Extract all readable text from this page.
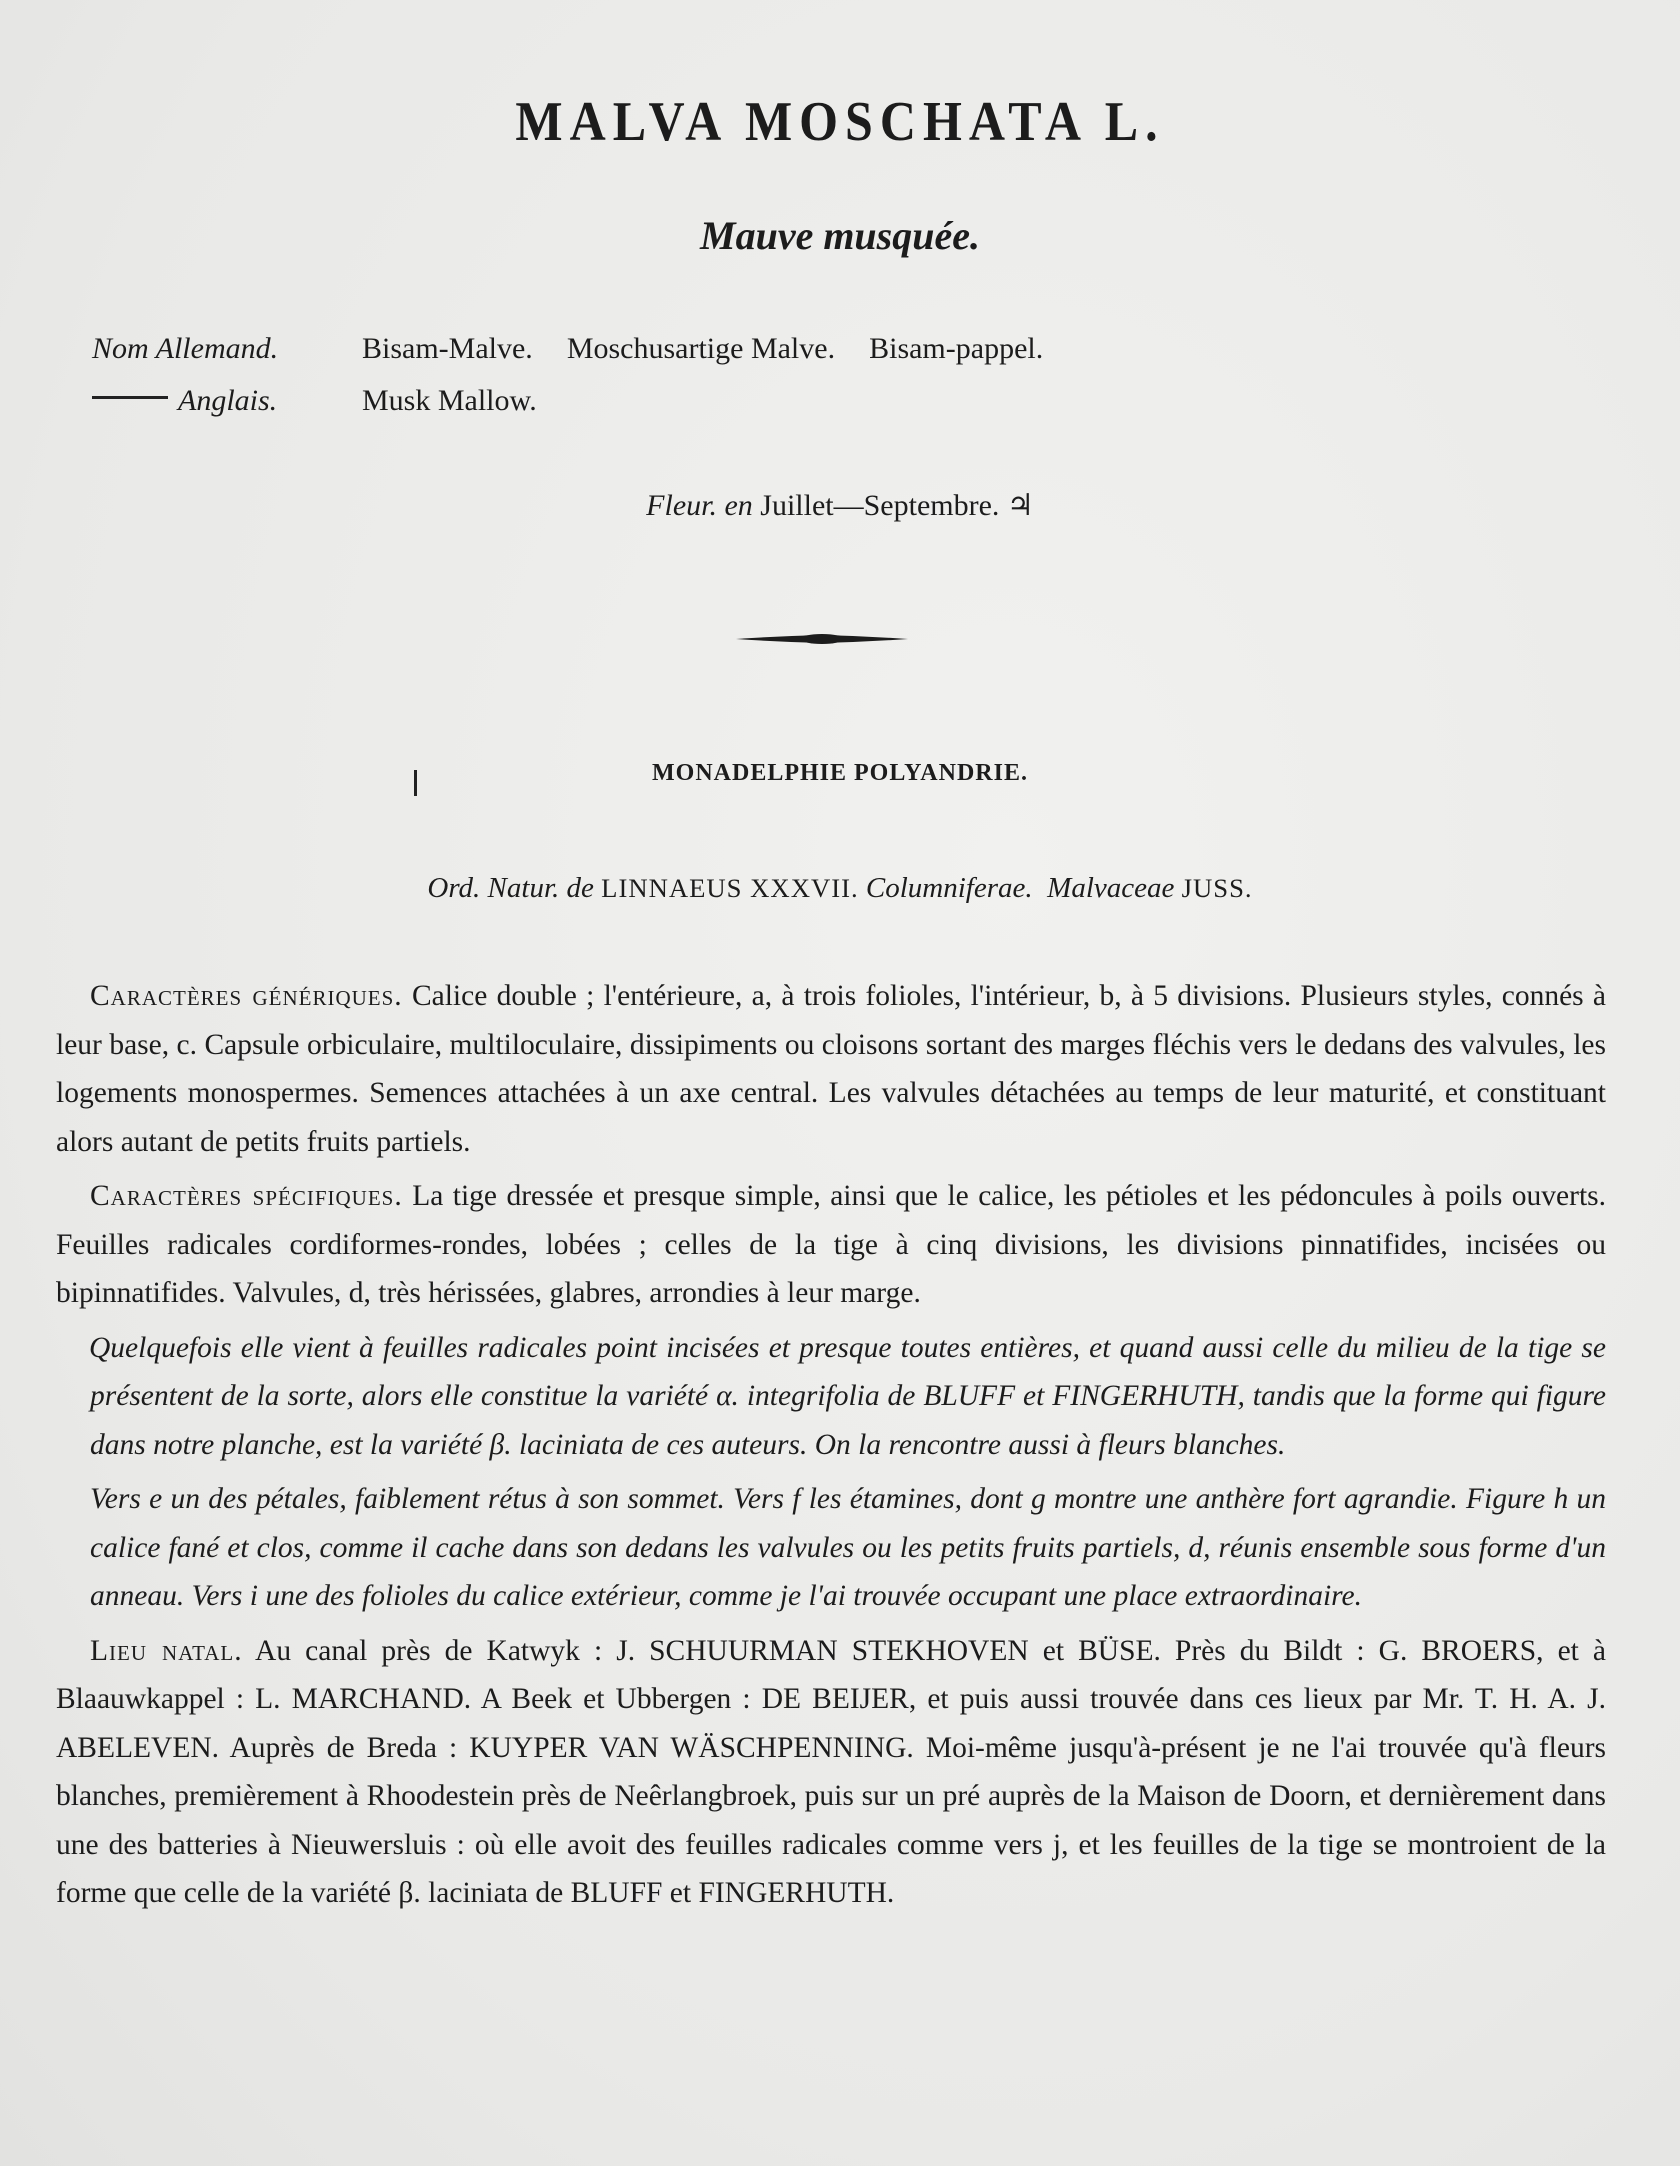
MALVA MOSCHATA L.
Mauve musquée.
Nom Allemand.	Bisam-Malve. Moschusartige Malve. Bisam-pappel.
Anglais.	Musk Mallow.
Fleur. en Juillet—Septembre. ♃
MONADELPHIE POLYANDRIE.
Ord. Natur. de LINNAEUS XXXVII. Columniferae. Malvaceae JUSS.

Caractères génériques. Calice double ; l'entérieure, a, à trois folioles, l'intérieur, b, à 5 divisions. Plusieurs styles, connés à leur base, c. Capsule orbiculaire, multiloculaire, dissipiments ou cloisons sortant des marges fléchis vers le dedans des valvules, les logements monospermes. Semences attachées à un axe central. Les valvules détachées au temps de leur maturité, et constituant alors autant de petits fruits partiels.

Caractères spécifiques. La tige dressée et presque simple, ainsi que le calice, les pétioles et les pédoncules à poils ouverts. Feuilles radicales cordiformes-rondes, lobées ; celles de la tige à cinq divisions, les divisions pinnatifides, incisées ou bipinnatifides. Valvules, d, très hérissées, glabres, arrondies à leur marge.

Quelquefois elle vient à feuilles radicales point incisées et presque toutes entières, et quand aussi celle du milieu de la tige se présentent de la sorte, alors elle constitue la variété α. integrifolia de BLUFF et FINGERHUTH, tandis que la forme qui figure dans notre planche, est la variété β. laciniata de ces auteurs. On la rencontre aussi à fleurs blanches.

Vers e un des pétales, faiblement rétus à son sommet. Vers f les étamines, dont g montre une anthère fort agrandie. Figure h un calice fané et clos, comme il cache dans son dedans les valvules ou les petits fruits partiels, d, réunis ensemble sous forme d'un anneau. Vers i une des folioles du calice extérieur, comme je l'ai trouvée occupant une place extraordinaire.

Lieu natal. Au canal près de Katwyk : J. SCHUURMAN STEKHOVEN et BÜSE. Près du Bildt : G. BROERS, et à Blaauwkappel : L. MARCHAND. A Beek et Ubbergen : DE BEIJER, et puis aussi trouvée dans ces lieux par Mr. T. H. A. J. ABELEVEN. Auprès de Breda : KUYPER VAN WÄSCHPENNING. Moi-même jusqu'à-présent je ne l'ai trouvée qu'à fleurs blanches, premièrement à Rhoodestein près de Neêrlangbroek, puis sur un pré auprès de la Maison de Doorn, et dernièrement dans une des batteries à Nieuwersluis : où elle avoit des feuilles radicales comme vers j, et les feuilles de la tige se montroient de la forme que celle de la variété β. laciniata de BLUFF et FINGERHUTH.
